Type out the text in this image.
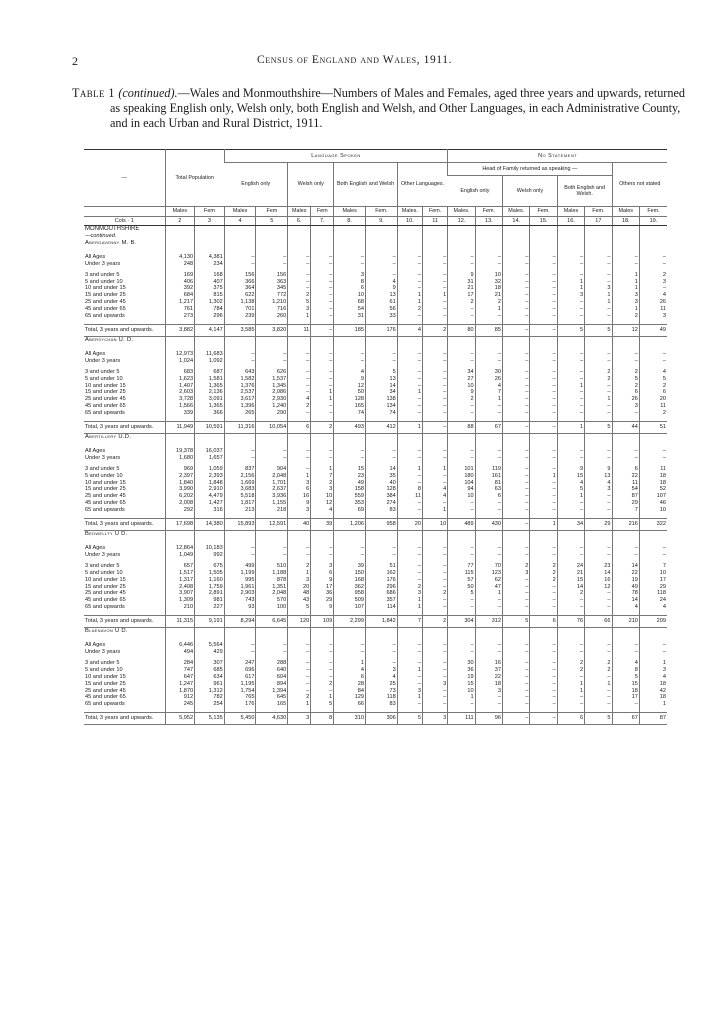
2	Census of England and Wales, 1911.
Table 1 (continued).—Wales and Monmouthshire—Numbers of Males and Females, aged three years and upwards, returned as speaking English only, Welsh only, both English and Welsh, and Other Languages, in each Administrative County, and in each Urban and Rural District, 1911.
—	Total Population		Language Spoken								No Statement							
			English only		Welsh only		Both English and Welsh		Other Languages.		Head of Family returned as speaking —						Others not stated	
											English only		Welsh only		Both English and Welsh.			
	Males	Fem	Males	Fem	Males	Fem	Males	Fem.	Males.	Fem.	Males.	Fem.	Males.	Fem.	Males	Fem.	Males	Fem.
Cols · 1	2	3	4	5	6.	7.	8.	9.	10.	11	12.	13.	14.	15.	16.	17	18.	19.
MONMOUTHSHIRE																		
—continued.																		
Abergavenny M. B.																		
All Ages	4,130	4,381	–	–	–	–	–	–	–	–	–	–	–	–	–	–	–	–
Under 3 years	248	234	–	–	–	–	–	–	–	–	–	–	–	–	–	–	–	–

3 and under 5	169	168	156	156	–	–	3	–	–	–	9	10	–	–	–	–	1	2
5 and under 10	406	407	366	363	–	–	8	4	–	–	31	32	–	–	1	–	1	3
10 and under 15	392	375	364	345	–	–	6	9	–	–	21	18	–	–	1	3	1	–
15 and under 25	684	815	622	772	2	–	10	13	1	1	17	21	–	–	3	1	3	4
25 and under 45	1,217	1,302	1,138	1,210	5	–	68	61	1	–	2	2	–	–	–	1	3	26
45 and under 65	761	784	701	716	3	–	54	56	2	–	–	1	–	–	–	–	1	11
65 and upwards	273	296	239	260	1	–	31	33	–	–	–	–	–	–	–	–	2	3

Total, 3 years and upwards.	3,882	4,147	3,585	3,820	11	–	185	176	4	2	80	85	–	–	5	5	12	49
Abersychan U. D.																		
All Ages	12,973	11,683	–	–	–	–	–	–	–	–	–	–	–	–	–	–	–	–
Under 3 years	1,024	1,092	–	–	–	–	–	–	–	–	–	–	–	–	–	–	–	–

3 and under 5	683	687	643	626	–	–	4	5	–	–	34	30	–	–	–	2	2	4
5 and under 10	1,623	1,581	1,582	1,537	–	–	9	13	–	–	27	26	–	–	–	2	5	5
10 and under 15	1,407	1,365	1,376	1,345	–	–	12	14	–	–	10	4	–	–	1	–	2	2
15 and under 25	2,603	2,136	2,537	2,086	–	1	50	34	1	–	9	7	–	–	–	–	6	6
25 and under 45	3,728	3,091	3,617	2,930	4	1	128	138	–	–	2	1	–	–	–	1	26	20
45 and under 65	1,566	1,365	1,396	1,240	2	–	165	134	–	–	–	–	–	–	–	–	3	11
65 and upwards	339	366	265	290	–	–	74	74	–	–	–	–	–	–	–	–	–	2

Total, 3 years and upwards.	11,949	10,591	11,316	10,054	6	2	493	412	1	–	88	67	–	–	1	5	44	51
Abertillery U.D.																		
All Ages	19,378	16,037	–	–	–	–	–	–	–	–	–	–	–	–	–	–	–	–
Under 3 years	1,680	1,657	–	–	–	–	–	–	–	–	–	–	–	–	–	–	–	–

3 and under 5	969	1,059	837	904	–	1	15	14	1	1	101	119	–	–	9	9	6	11
5 and under 10	2,397	2,393	2,156	2,048	1	7	23	35	–	–	180	161	–	1	15	13	22	18
10 and under 15	1,840	1,848	1,669	1,701	3	2	49	40	–	–	104	81	–	–	4	4	11	18
15 and under 25	3,990	2,910	3,683	2,637	6	3	158	128	8	4	94	63	–	–	5	3	54	52
25 and under 45	6,202	4,479	5,518	3,936	16	10	559	384	11	4	10	6	–	–	1	–	87	107
45 and under 65	2,008	1,427	1,817	1,155	9	12	353	274	–	–	–	–	–	–	–	–	29	46
65 and upwards	292	316	213	218	3	4	69	83	–	1	–	–	–	–	–	–	7	10

Total, 3 years and upwards.	17,698	14,380	15,893	12,591	40	39	1,206	958	20	10	489	430	–	1	34	29	216	322
Bedwellty U D.																		
All Ages	12,864	10,183	–	–	–	–	–	–	–	–	–	–	–	–	–	–	–	–
Under 3 years	1,049	992	–	–	–	–	–	–	–	–	–	–	–	–	–	–	–	–

3 and under 5	657	675	499	510	2	3	39	51	–	–	77	70	2	2	24	23	14	7
5 and under 10	1,517	1,505	1,199	1,188	1	6	150	162	–	–	115	123	3	2	21	14	22	10
10 and under 15	1,317	1,160	995	878	3	9	168	176	–	–	57	62	–	2	15	16	19	17
15 and under 25	2,408	1,759	1,961	1,351	20	17	362	296	2	–	50	47	–	–	14	12	49	29
25 and under 45	3,907	2,891	2,903	2,048	48	36	958	686	3	2	5	1	–	–	2	–	78	118
45 and under 65	1,309	981	743	570	43	29	509	357	1	–	–	–	–	–	–	–	14	24
65 and upwards	210	227	93	100	5	9	107	114	1	–	–	–	–	–	–	–	4	4

Total, 3 years and upwards.	11,315	9,191	8,294	6,645	120	109	2,299	1,842	7	2	304	312	5	6	76	66	210	209
Blaenavon U D.																		
All Ages	6,446	5,564	–	–	–	–	–	–	–	–	–	–	–	–	–	–	–	–
Under 3 years	494	429	–	–	–	–	–	–	–	–	–	–	–	–	–	–	–	–

3 and under 5	284	307	247	288	–	–	1	–	–	–	30	16	–	–	2	2	4	1
5 and under 10	747	685	696	640	–	–	4	3	1	–	36	37	–	–	2	2	8	3
10 and under 15	647	634	617	604	–	–	6	4	–	–	19	22	–	–	–	–	5	4
15 and under 25	1,247	961	1,195	894	–	2	28	25	–	3	15	18	–	–	1	1	15	18
25 and under 45	1,870	1,312	1,754	1,394	–	–	84	73	3	–	10	3	–	–	1	–	18	42
45 and under 65	912	782	765	645	2	1	129	118	1	–	1	–	–	–	–	–	17	18
65 and upwards	245	254	176	165	1	5	66	83	–	–	–	–	–	–	–	–	–	1

Total, 3 years and upwards.	5,952	5,135	5,450	4,630	3	8	310	306	5	3	111	96	–	–	6	5	67	87
